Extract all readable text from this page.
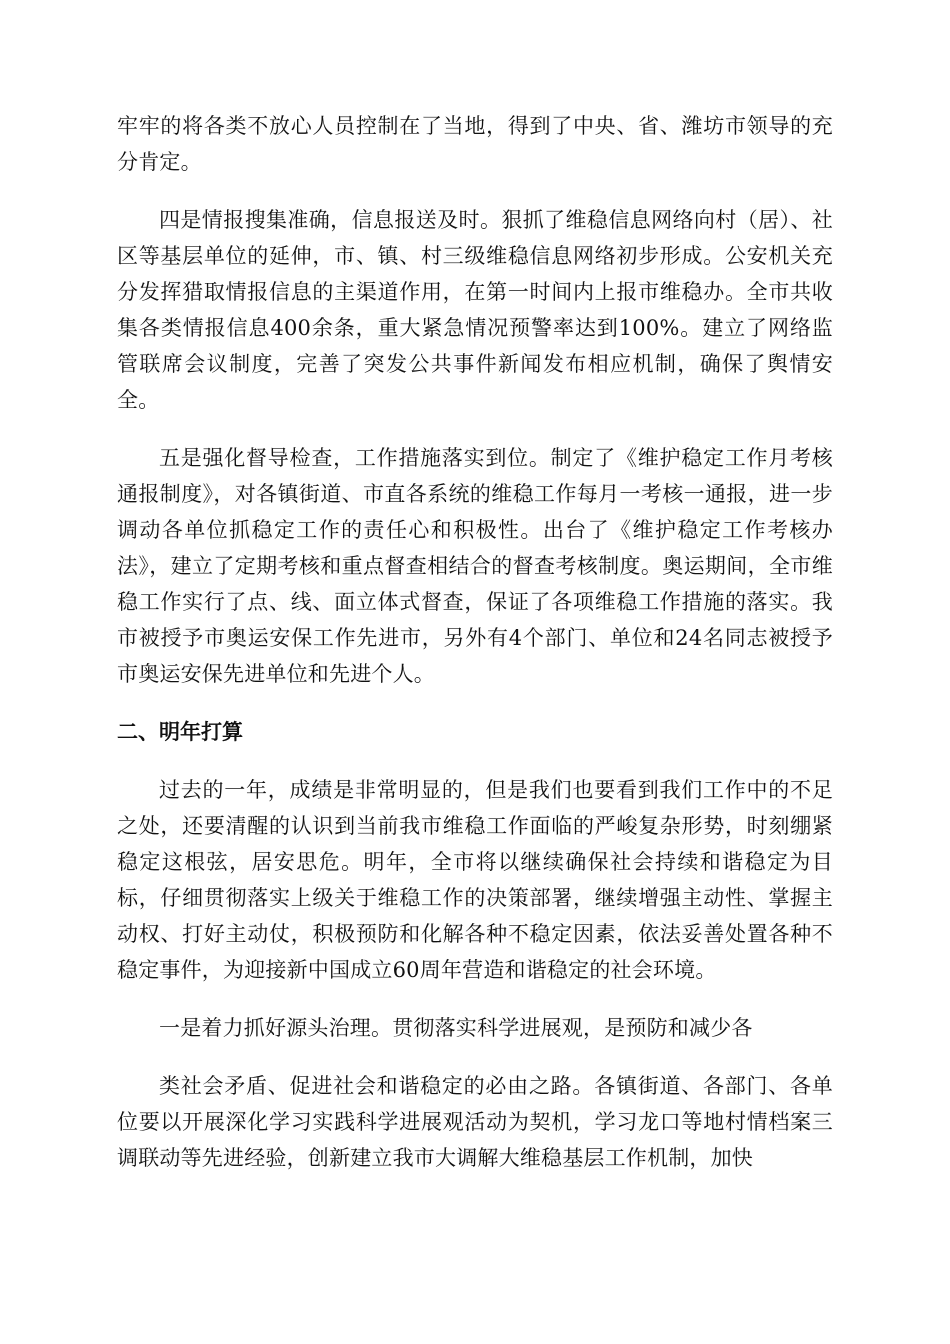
牢牢的将各类不放心人员控制在了当地，得到了中央、省、潍坊市领导的充分肯定。

四是情报搜集准确，信息报送及时。狠抓了维稳信息网络向村（居）、社区等基层单位的延伸，市、镇、村三级维稳信息网络初步形成。公安机关充分发挥猎取情报信息的主渠道作用，在第一时间内上报市维稳办。全市共收集各类情报信息400余条，重大紧急情况预警率达到100%。建立了网络监管联席会议制度，完善了突发公共事件新闻发布相应机制，确保了舆情安全。

五是强化督导检查，工作措施落实到位。制定了《维护稳定工作月考核通报制度》，对各镇街道、市直各系统的维稳工作每月一考核一通报，进一步调动各单位抓稳定工作的责任心和积极性。出台了《维护稳定工作考核办法》，建立了定期考核和重点督查相结合的督查考核制度。奥运期间，全市维稳工作实行了点、线、面立体式督查，保证了各项维稳工作措施的落实。我市被授予市奥运安保工作先进市，另外有4个部门、单位和24名同志被授予市奥运安保先进单位和先进个人。

二、明年打算

过去的一年，成绩是非常明显的，但是我们也要看到我们工作中的不足之处，还要清醒的认识到当前我市维稳工作面临的严峻复杂形势，时刻绷紧稳定这根弦，居安思危。明年，全市将以继续确保社会持续和谐稳定为目标，仔细贯彻落实上级关于维稳工作的决策部署，继续增强主动性、掌握主动权、打好主动仗，积极预防和化解各种不稳定因素，依法妥善处置各种不稳定事件，为迎接新中国成立60周年营造和谐稳定的社会环境。

一是着力抓好源头治理。贯彻落实科学进展观，是预防和减少各

类社会矛盾、促进社会和谐稳定的必由之路。各镇街道、各部门、各单位要以开展深化学习实践科学进展观活动为契机，学习龙口等地村情档案三调联动等先进经验，创新建立我市大调解大维稳基层工作机制，加快
